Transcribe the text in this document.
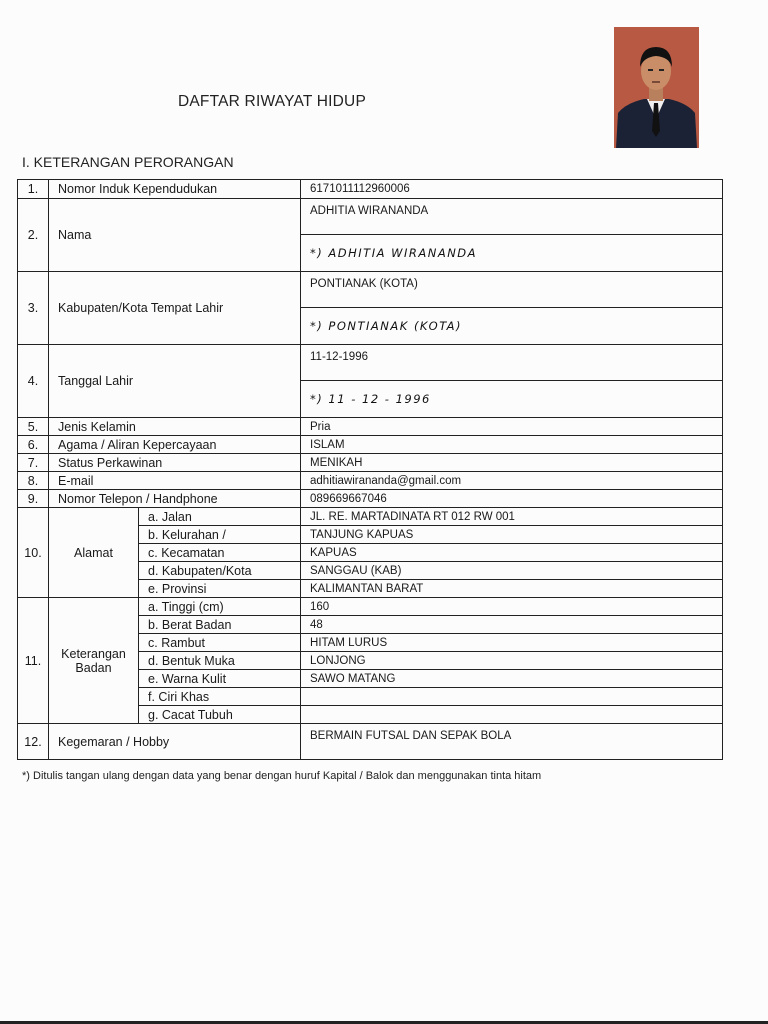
DAFTAR RIWAYAT HIDUP
I. KETERANGAN PERORANGAN
1.	Nomor Induk Kependudukan		6171011112960006
2.	Nama		ADHITIA WIRANANDA
			*) ADHITIA WIRANANDA
3.	Kabupaten/Kota Tempat Lahir		PONTIANAK (KOTA)
			*) PONTIANAK (KOTA)
4.	Tanggal Lahir		11-12-1996
			*) 11 - 12 - 1996
5.	Jenis Kelamin		Pria
6.	Agama / Aliran Kepercayaan		ISLAM
7.	Status Perkawinan		MENIKAH
8.	E-mail		adhitiawiranandа@gmail.com
9.	Nomor Telepon / Handphone		089669667046
10.	Alamat	a. Jalan	JL. RE. MARTADINATA RT 012 RW 001
		b. Kelurahan /	TANJUNG KAPUAS
		c. Kecamatan	KAPUAS
		d. Kabupaten/Kota	SANGGAU (KAB)
		e. Provinsi	KALIMANTAN BARAT
11.	Keterangan Badan	a. Tinggi (cm)	160
		b. Berat Badan	48
		c. Rambut	HITAM LURUS
		d. Bentuk Muka	LONJONG
		e. Warna Kulit	SAWO MATANG
		f. Ciri Khas	
		g. Cacat Tubuh	
12.	Kegemaran / Hobby		BERMAIN FUTSAL DAN SEPAK BOLA
*) Ditulis tangan ulang dengan data yang benar dengan huruf Kapital / Balok dan menggunakan tinta hitam
